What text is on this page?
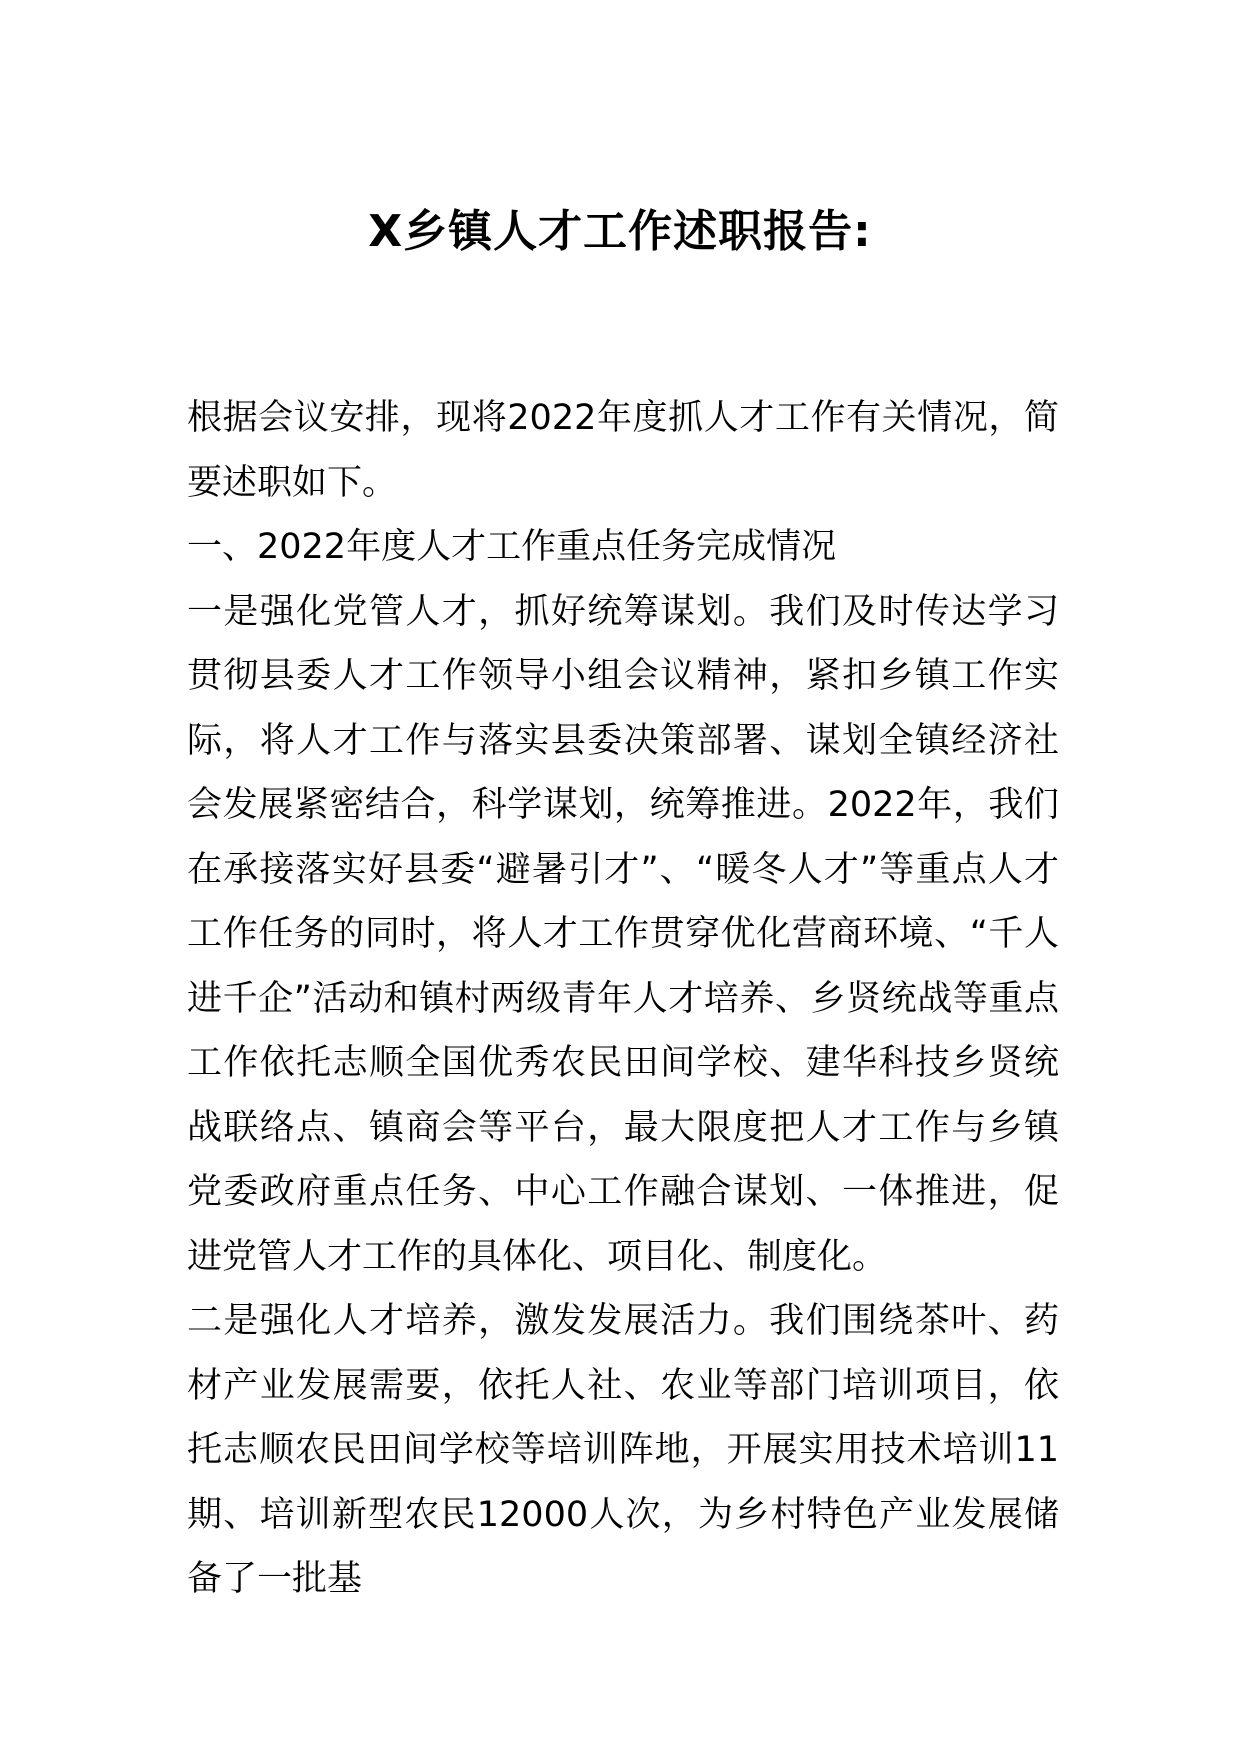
X乡镇人才工作述职报告:

根据会议安排，现将2022年度抓人才工作有关情况，简要述职如下。

一、2022年度人才工作重点任务完成情况

一是强化党管人才，抓好统筹谋划。我们及时传达学习贯彻县委人才工作领导小组会议精神，紧扣乡镇工作实际，将人才工作与落实县委决策部署、谋划全镇经济社会发展紧密结合，科学谋划，统筹推进。2022年，我们在承接落实好县委“避暑引才”、“暖冬人才”等重点人才工作任务的同时，将人才工作贯穿优化营商环境、“千人进千企”活动和镇村两级青年人才培养、乡贤统战等重点工作依托志顺全国优秀农民田间学校、建华科技乡贤统战联络点、镇商会等平台，最大限度把人才工作与乡镇党委政府重点任务、中心工作融合谋划、一体推进，促进党管人才工作的具体化、项目化、制度化。

二是强化人才培养，激发发展活力。我们围绕茶叶、药材产业发展需要，依托人社、农业等部门培训项目，依托志顺农民田间学校等培训阵地，开展实用技术培训11期、培训新型农民12000人次，为乡村特色产业发展储备了一批基
